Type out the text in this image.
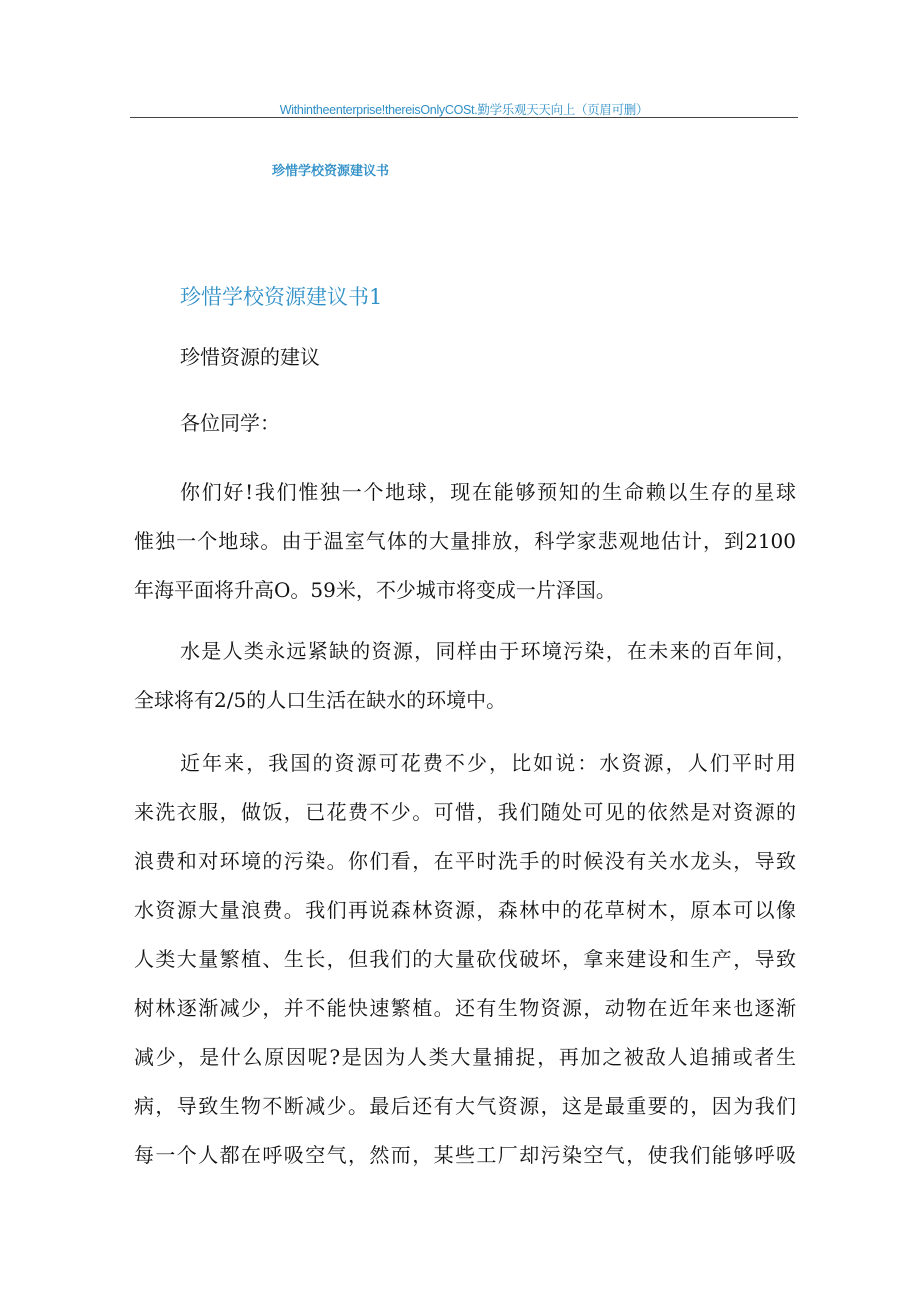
WithintheenterpriseǃthereisOnlyCOSt.勤学乐观天天向上（页眉可删）
珍惜学校资源建议书
珍惜学校资源建议书1
珍惜资源的建议
各位同学：
你们好!我们惟独一个地球，现在能够预知的生命赖以生存的星球
惟独一个地球。由于温室气体的大量排放，科学家悲观地估计，到2100
年海平面将升高O。59米，不少城市将变成一片泽国。
水是人类永远紧缺的资源，同样由于环境污染，在未来的百年间，
全球将有2/5的人口生活在缺水的环境中。
近年来，我国的资源可花费不少，比如说：水资源，人们平时用
来洗衣服，做饭，已花费不少。可惜，我们随处可见的依然是对资源的
浪费和对环境的污染。你们看，在平时洗手的时候没有关水龙头，导致
水资源大量浪费。我们再说森林资源，森林中的花草树木，原本可以像
人类大量繁植、生长，但我们的大量砍伐破坏，拿来建设和生产，导致
树林逐渐减少，并不能快速繁植。还有生物资源，动物在近年来也逐渐
减少，是什么原因呢?是因为人类大量捕捉，再加之被敌人追捕或者生
病，导致生物不断减少。最后还有大气资源，这是最重要的，因为我们
每一个人都在呼吸空气，然而，某些工厂却污染空气，使我们能够呼吸
